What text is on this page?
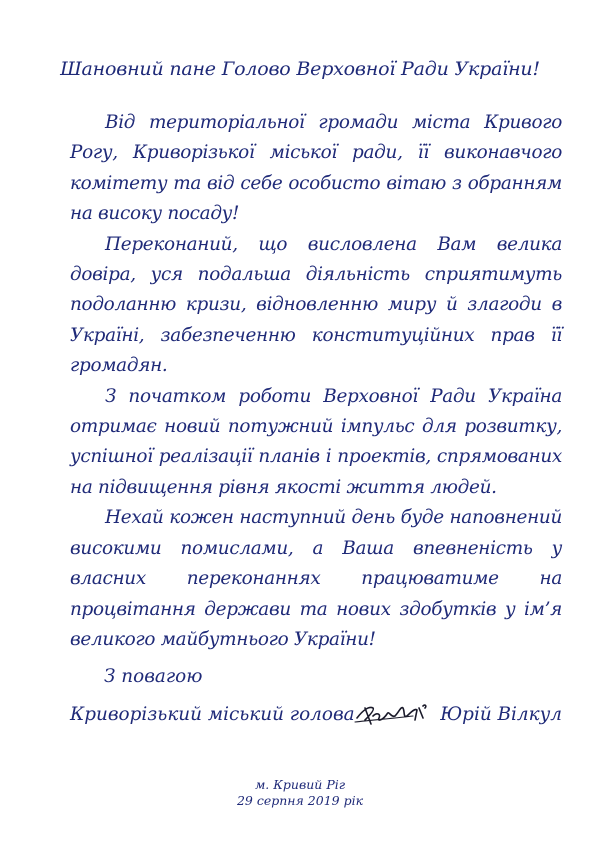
Шановний пане Голово Верховної Ради України!

Від територіальної громади міста Кривого Рогу, Криворізької міської ради, її виконавчого комітету та від себе особисто вітаю з обранням на високу посаду!

Переконаний, що висловлена Вам велика довіра, уся подальша діяльність сприятимуть подоланню кризи, відновленню миру й злагоди в Україні, забезпеченню конституційних прав її громадян.

З початком роботи Верховної Ради Україна отримає новий потужний імпульс для розвитку, успішної реалізації планів і проектів, спрямованих на підвищення рівня якості життя людей.

Нехай кожен наступний день буде наповнений високими помислами, а Ваша впевненість у власних переконаннях працюватиме на процвітання держави та нових здобутків у ім’я великого майбутнього України!

З повагою
Криворізький міський голова	Юрій Вілкул
м. Кривий Ріг
29 серпня 2019 рік
